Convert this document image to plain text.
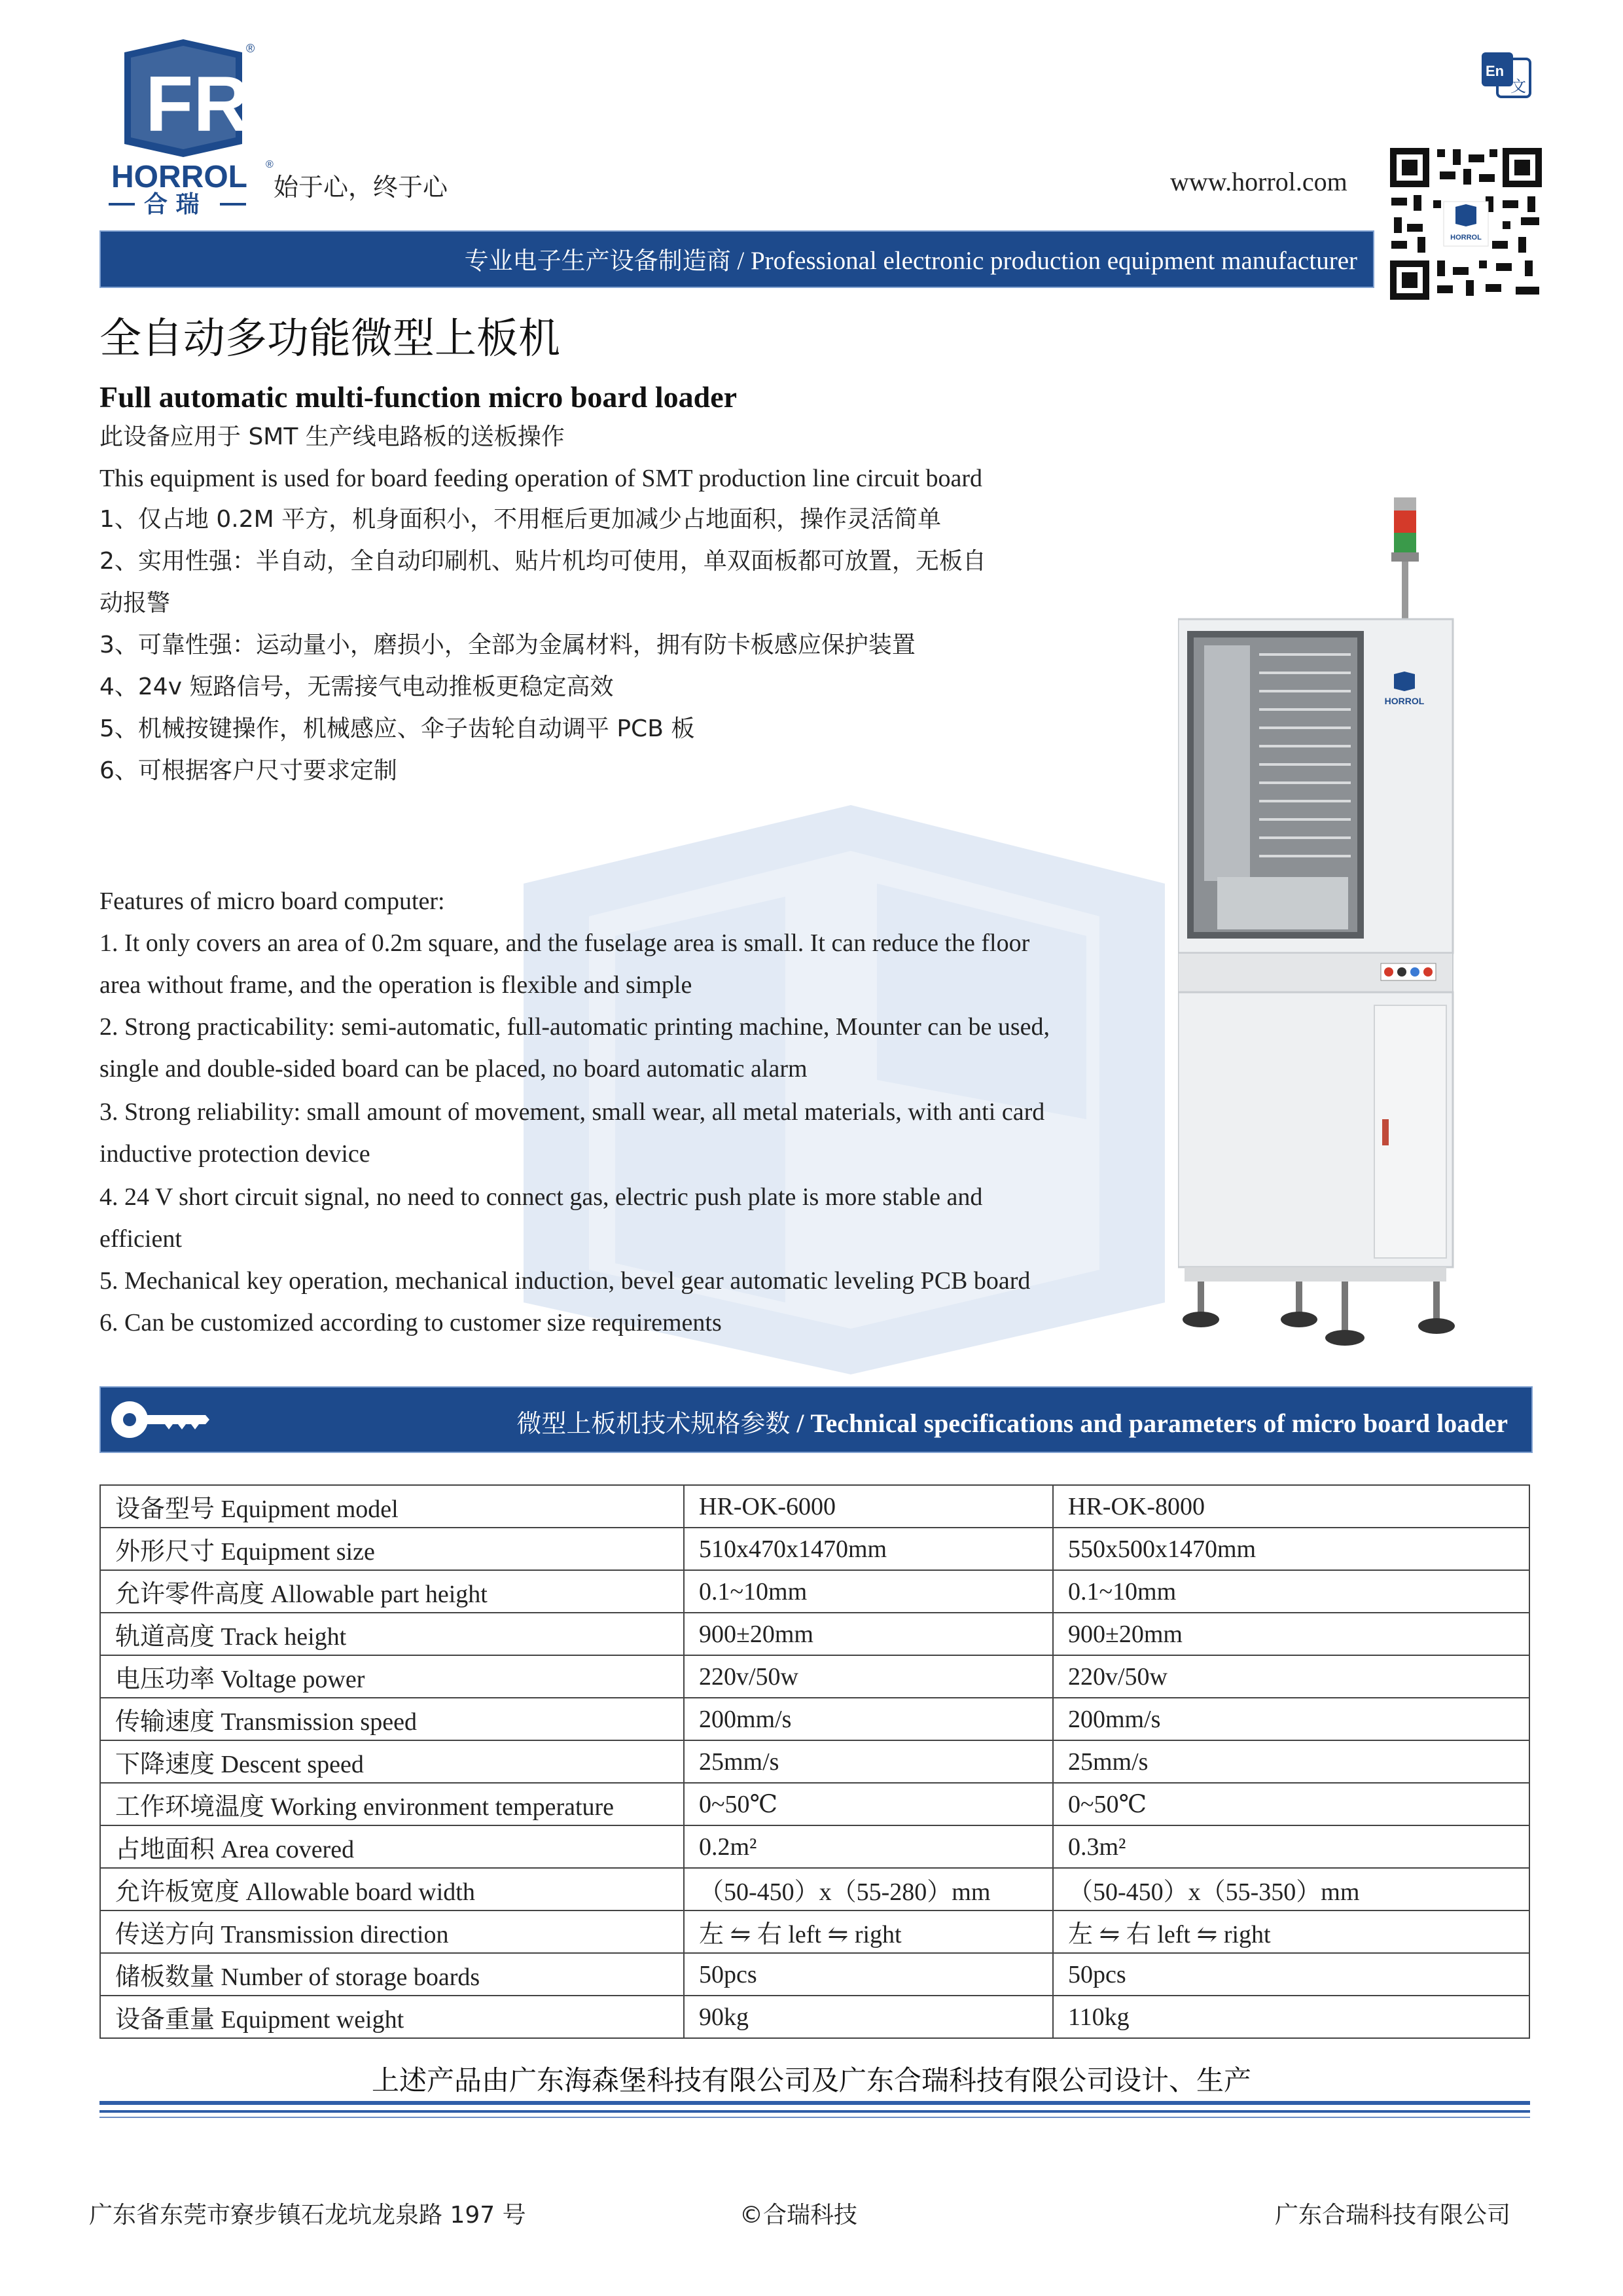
FR
®
HORROL ®
合 瑞
始于心，终于心
En
文
www.horrol.com
HORROL
专业电子生产设备制造商 / Professional electronic production equipment manufacturer
全自动多功能微型上板机
Full automatic multi-function micro board loader
此设备应用于 SMT 生产线电路板的送板操作
This equipment is used for board feeding operation of SMT production line circuit board
1、仅占地 0.2M 平方，机身面积小，不用框后更加减少占地面积，操作灵活简单
2、实用性强：半自动，全自动印刷机、贴片机均可使用，单双面板都可放置，无板自
动报警
3、可靠性强：运动量小，磨损小，全部为金属材料，拥有防卡板感应保护装置
4、24v 短路信号，无需接气电动推板更稳定高效
5、机械按键操作，机械感应、伞子齿轮自动调平 PCB 板
6、可根据客户尺寸要求定制
Features of micro board computer:
1. It only covers an area of 0.2m square, and the fuselage area is small. It can reduce the floor
area without frame, and the operation is flexible and simple
2. Strong practicability: semi-automatic, full-automatic printing machine, Mounter can be used,
single and double-sided board can be placed, no board automatic alarm
3. Strong reliability: small amount of movement, small wear, all metal materials, with anti card
inductive protection device
4. 24 V short circuit signal, no need to connect gas, electric push plate is more stable and
efficient
5. Mechanical key operation, mechanical induction, bevel gear automatic leveling PCB board
6. Can be customized according to customer size requirements
HORROL
微型上板机技术规格参数 / Technical specifications and parameters of micro board loader
设备型号 Equipment model	HR-OK-6000	HR-OK-8000
外形尺寸 Equipment size	510x470x1470mm	550x500x1470mm
允许零件高度 Allowable part height	0.1~10mm	0.1~10mm
轨道高度 Track height	900±20mm	900±20mm
电压功率 Voltage power	220v/50w	220v/50w
传输速度 Transmission speed	200mm/s	200mm/s
下降速度 Descent speed	25mm/s	25mm/s
工作环境温度 Working environment temperature	0~50℃	0~50℃
占地面积 Area covered	0.2m²	0.3m²
允许板宽度 Allowable board width	（50-450）x（55-280）mm	（50-450）x（55-350）mm
传送方向 Transmission direction	左 ⇋ 右 left ⇋ right	左 ⇋ 右 left ⇋ right
储板数量 Number of storage boards	50pcs	50pcs
设备重量 Equipment weight	90kg	110kg
上述产品由广东海森堡科技有限公司及广东合瑞科技有限公司设计、生产
广东省东莞市寮步镇石龙坑龙泉路 197 号	©合瑞科技	广东合瑞科技有限公司
